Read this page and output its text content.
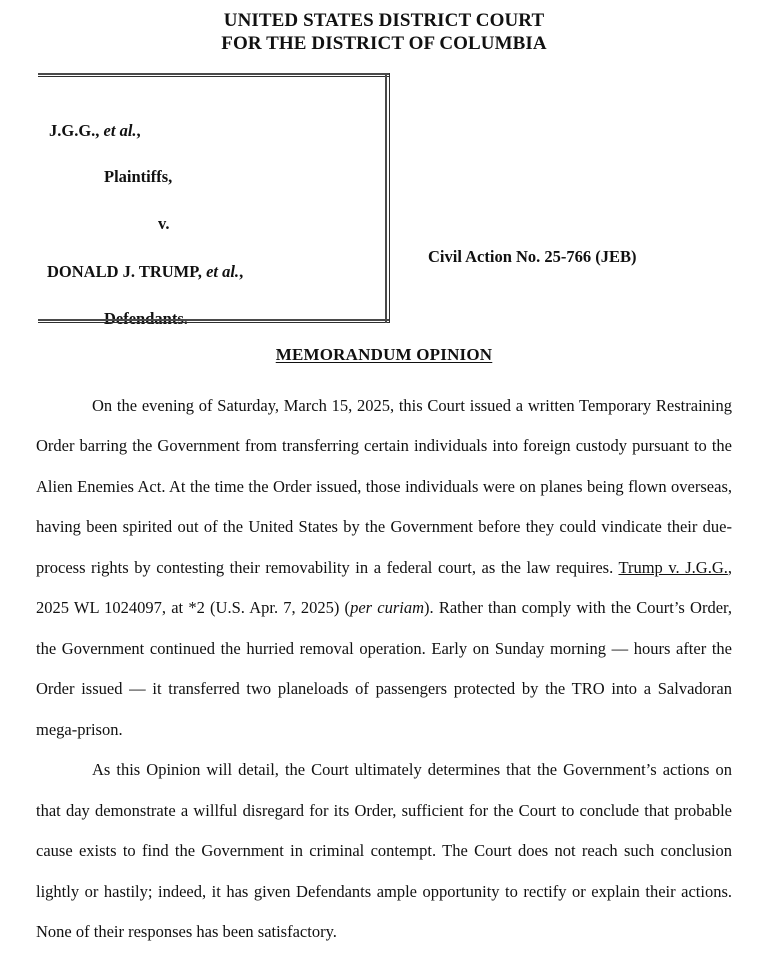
UNITED STATES DISTRICT COURT
FOR THE DISTRICT OF COLUMBIA
J.G.G., et al.,
Plaintiffs,
v.
DONALD J. TRUMP, et al.,
Defendants.
Civil Action No. 25-766 (JEB)
MEMORANDUM OPINION

On the evening of Saturday, March 15, 2025, this Court issued a written Temporary Restraining Order barring the Government from transferring certain individuals into foreign custody pursuant to the Alien Enemies Act. At the time the Order issued, those individuals were on planes being flown overseas, having been spirited out of the United States by the Government before they could vindicate their due-process rights by contesting their removability in a federal court, as the law requires. Trump v. J.G.G., 2025 WL 1024097, at *2 (U.S. Apr. 7, 2025) (per curiam). Rather than comply with the Court’s Order, the Government continued the hurried removal operation. Early on Sunday morning — hours after the Order issued — it transferred two planeloads of passengers protected by the TRO into a Salvadoran mega-prison.

As this Opinion will detail, the Court ultimately determines that the Government’s actions on that day demonstrate a willful disregard for its Order, sufficient for the Court to conclude that probable cause exists to find the Government in criminal contempt. The Court does not reach such conclusion lightly or hastily; indeed, it has given Defendants ample opportunity to rectify or explain their actions. None of their responses has been satisfactory.
